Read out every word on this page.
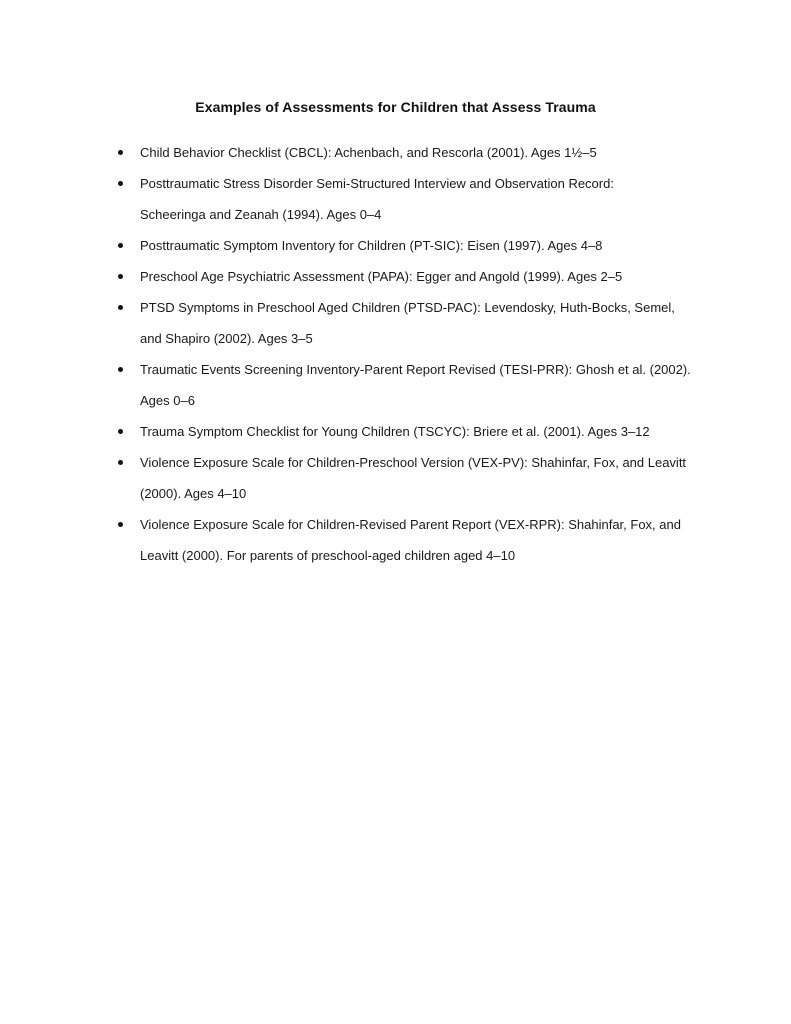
Examples of Assessments for Children that Assess Trauma
Child Behavior Checklist (CBCL): Achenbach, and Rescorla (2001). Ages 1½–5
Posttraumatic Stress Disorder Semi-Structured Interview and Observation Record:
Scheeringa and Zeanah (1994). Ages 0–4
Posttraumatic Symptom Inventory for Children (PT-SIC): Eisen (1997). Ages 4–8
Preschool Age Psychiatric Assessment (PAPA): Egger and Angold (1999). Ages 2–5
PTSD Symptoms in Preschool Aged Children (PTSD-PAC): Levendosky, Huth-Bocks, Semel,
and Shapiro (2002). Ages 3–5
Traumatic Events Screening Inventory-Parent Report Revised (TESI-PRR): Ghosh et al. (2002).
Ages 0–6
Trauma Symptom Checklist for Young Children (TSCYC): Briere et al. (2001). Ages 3–12
Violence Exposure Scale for Children-Preschool Version (VEX-PV): Shahinfar, Fox, and Leavitt
(2000). Ages 4–10
Violence Exposure Scale for Children-Revised Parent Report (VEX-RPR): Shahinfar, Fox, and
Leavitt (2000). For parents of preschool-aged children aged 4–10
